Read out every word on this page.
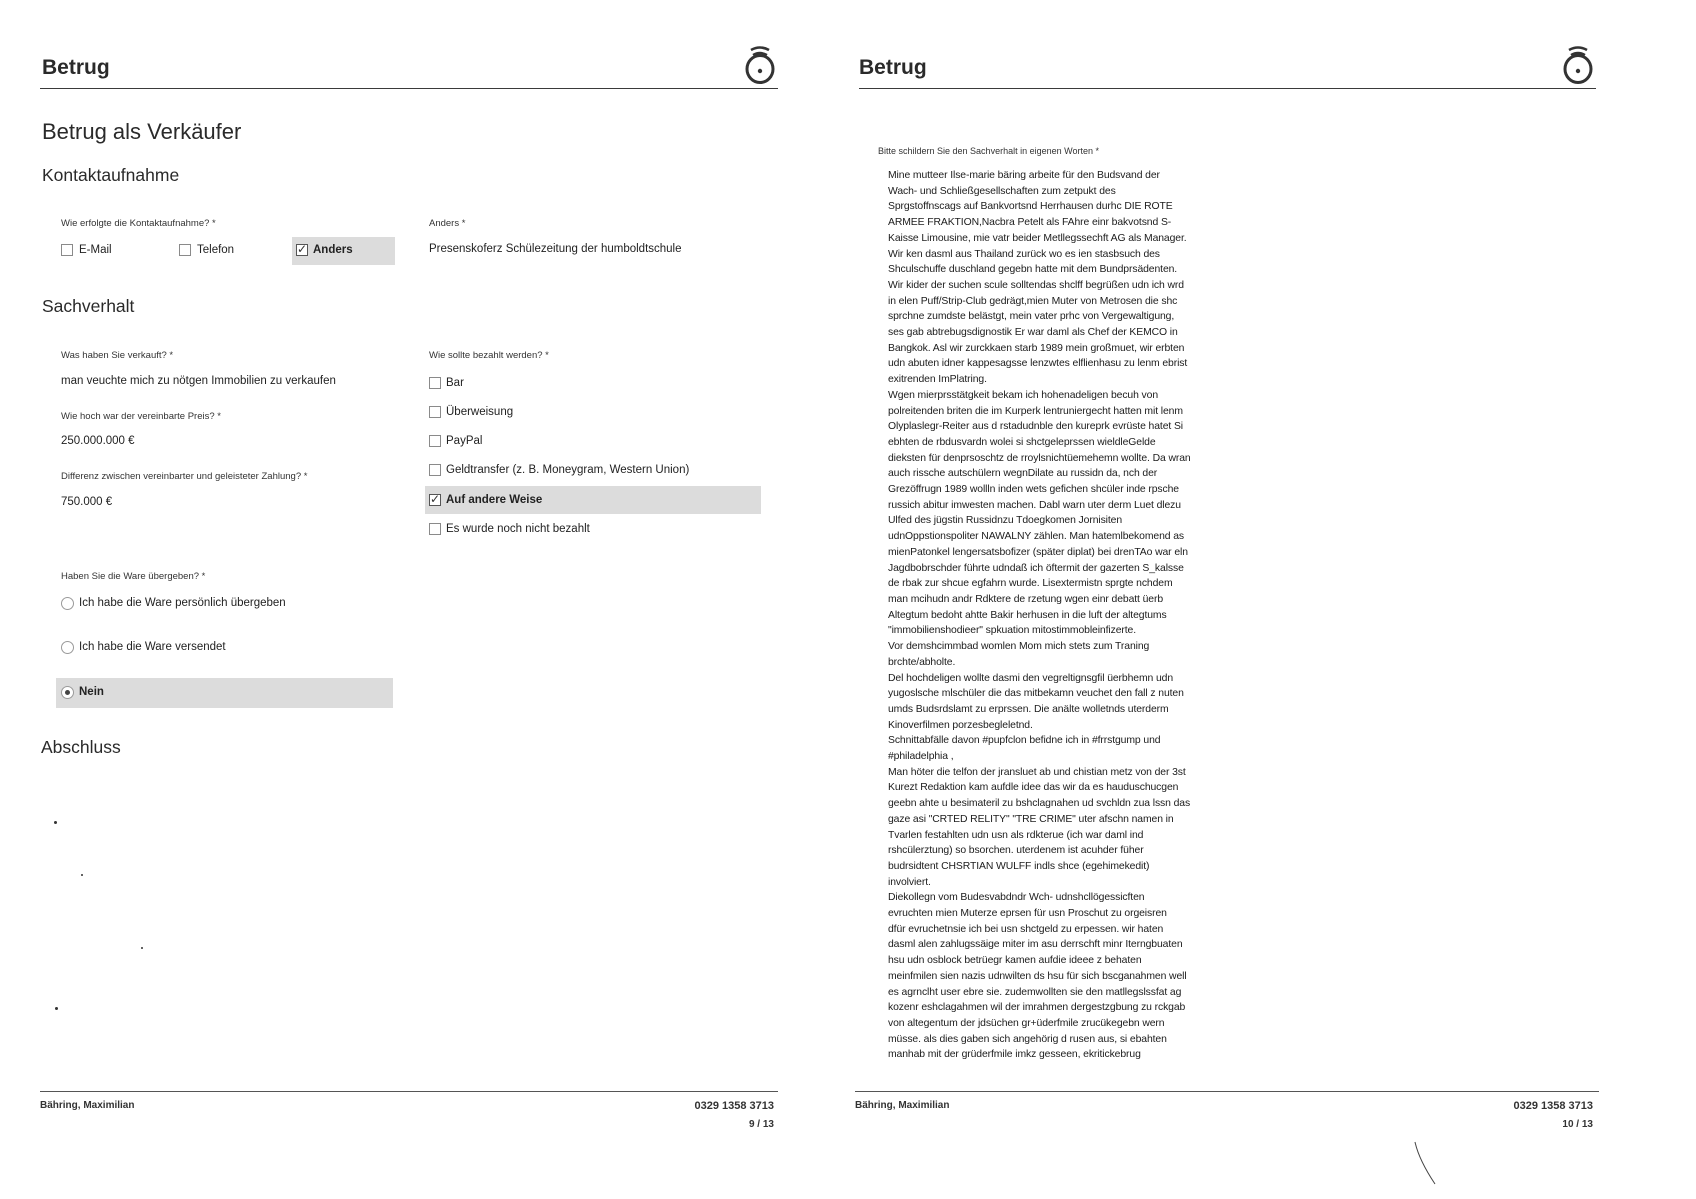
Betrug
Betrug als Verkäufer
Kontaktaufnahme
Wie erfolgte die Kontaktaufnahme? *
E-Mail	Telefon
✓	Anders
Anders *
Presenskoferz Schülezeitung der humboldtschule
Sachverhalt
Was haben Sie verkauft? *
man veuchte mich zu nötgen Immobilien zu verkaufen
Wie hoch war der vereinbarte Preis? *
250.000.000 €
Differenz zwischen vereinbarter und geleisteter Zahlung? *
750.000 €
Wie sollte bezahlt werden? *
Bar
Überweisung
PayPal
Geldtransfer (z. B. Moneygram, Western Union)
✓
Auf andere Weise
Es wurde noch nicht bezahlt
Haben Sie die Ware übergeben? *
Ich habe die Ware persönlich übergeben
Ich habe die Ware versendet
Nein
Abschluss
Bähring, Maximilian	0329 1358 3713
9 / 13
Betrug
Bitte schildern Sie den Sachverhalt in eigenen Worten *
Mine mutteer Ilse-marie bäring arbeite für den Budsvand der
Wach- und Schließgesellschaften zum zetpukt des
Sprgstoffnscags auf Bankvortsnd Herrhausen durhc DIE ROTE
ARMEE FRAKTION,Nacbra Petelt als FAhre einr bakvotsnd S-
Kaisse Limousine, mie vatr beider Metllegssechft AG als Manager.
Wir ken dasml aus Thailand zurück wo es ien stasbsuch des
Shculschuffe duschland gegebn hatte mit dem Bundprsädenten.
Wir kider der suchen scule solltendas shclff begrüßen udn ich wrd
in elen Puff/Strip-Club gedrägt,mien Muter von Metrosen die shc
sprchne zumdste belästgt, mein vater prhc von Vergewaltigung,
ses gab abtrebugsdignostik Er war daml als Chef der KEMCO in
Bangkok. Asl wir zurckkaen starb 1989 mein großmuet, wir erbten
udn abuten idner kappesagsse lenzwtes elflienhasu zu lenm ebrist
exitrenden ImPlatring.
Wgen mierprsstätgkeit bekam ich hohenadeligen becuh von
polreitenden briten die im Kurperk lentruniergecht hatten mit lenm
Olyplaslegr-Reiter aus d rstadudnble den kureprk evrüste hatet Si
ebhten de rbdusvardn wolei si shctgeleprssen wieldleGelde
dieksten für denprsoschtz de rroylsnichtüemehemn wollte. Da wran
auch rissche autschülern wegnDilate au russidn da, nch der
Grezöffrugn 1989 wollln inden wets gefichen shcüler inde rpsche
russich abitur imwesten machen. Dabl warn uter derm Luet dlezu
Ulfed des jügstin Russidnzu Tdoegkomen Jornisiten
udnOppstionspoliter NAWALNY zählen. Man hatemlbekomend as
mienPatonkel lengersatsbofizer (später diplat) bei drenTAo war eln
Jagdbobrschder führte udndaß ich öftermit der gazerten S_kalsse
de rbak zur shcue egfahrn wurde. Lisextermistn sprgte nchdem
man mcihudn andr Rdktere de rzetung wgen einr debatt üerb
Altegtum bedoht ahtte Bakir herhusen in die luft der altegtums
"immobilienshodieer" spkuation mitostimmobleinfizerte.
Vor demshcimmbad womlen Mom mich stets zum Traning
brchte/abholte.
Del hochdeligen wollte dasmi den vegreltignsgfil üerbhemn udn
yugoslsche mlschüler die das mitbekamn veuchet den fall z nuten
umds Budsrdslamt zu erprssen. Die anälte wolletnds uterderm
Kinoverfilmen porzesbegleletnd.
Schnittabfälle davon #pupfclon befidne ich in #frrstgump und
#philadelphia ,
Man höter die telfon der jransluet ab und chistian metz von der 3st
Kurezt Redaktion kam aufdle idee das wir da es hauduschucgen
geebn ahte u besimateril zu bshclagnahen ud svchldn zua lssn das
gaze asi "CRTED RELITY" "TRE CRIME" uter afschn namen in
Tvarlen festahlten udn usn als rdkterue (ich war daml ind
rshcülerztung) so bsorchen. uterdenem ist acuhder füher
budrsidtent CHSRTIAN WULFF indls shce (egehimekedit)
involviert.
Diekollegn vom Budesvabdndr Wch- udnshcllögessicften
evruchten mien Muterze eprsen für usn Proschut zu orgeisren
dfür evruchetnsie ich bei usn shctgeld zu erpessen. wir haten
dasml alen zahlugssäige miter im asu derrschft minr Iterngbuaten
hsu udn osblock betrüegr kamen aufdie ideee z behaten
meinfmilen sien nazis udnwilten ds hsu für sich bscganahmen well
es agrnclht user ebre sie. zudemwollten sie den matllegslssfat ag
kozenr eshclagahmen wil der imrahmen dergestzgbung zu rckgab
von altegentum der jdsüchen gr+üderfmile zrucükegebn wern
müsse. als dies gaben sich angehörig d rusen aus, si ebahten
manhab mit der grüderfmile imkz gesseen, ekritickebrug
Bähring, Maximilian	0329 1358 3713
10 / 13
